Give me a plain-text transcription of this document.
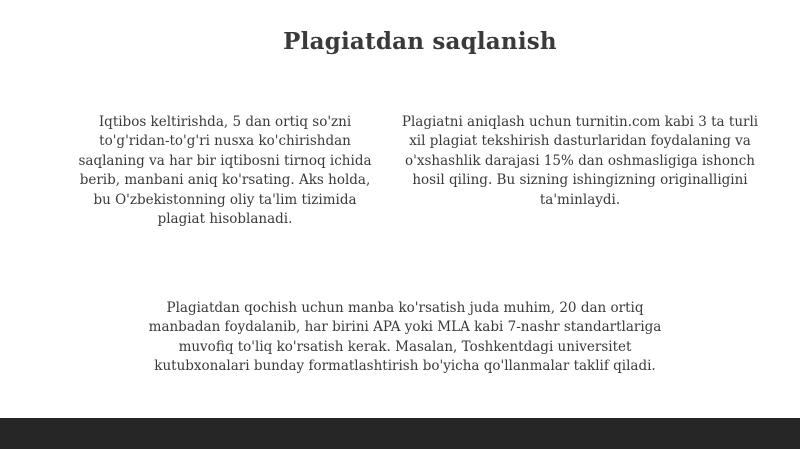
Plagiatdan saqlanish

Iqtibos keltirishda, 5 dan ortiq so'zni to'g'ridan-to'g'ri nusxa ko'chirishdan saqlaning va har bir iqtibosni tirnoq ichida berib, manbani aniq ko'rsating. Aks holda, bu O'zbekistonning oliy ta'lim tizimida plagiat hisoblanadi.

Plagiatni aniqlash uchun turnitin.com kabi 3 ta turli xil plagiat tekshirish dasturlaridan foydalaning va o'xshashlik darajasi 15% dan oshmasligiga ishonch hosil qiling. Bu sizning ishingizning originalligini ta'minlaydi.

Plagiatdan qochish uchun manba ko'rsatish juda muhim, 20 dan ortiq manbadan foydalanib, har birini APA yoki MLA kabi 7-nashr standartlariga muvofiq to'liq ko'rsatish kerak. Masalan, Toshkentdagi universitet kutubxonalari bunday formatlashtirish bo'yicha qo'llanmalar taklif qiladi.
